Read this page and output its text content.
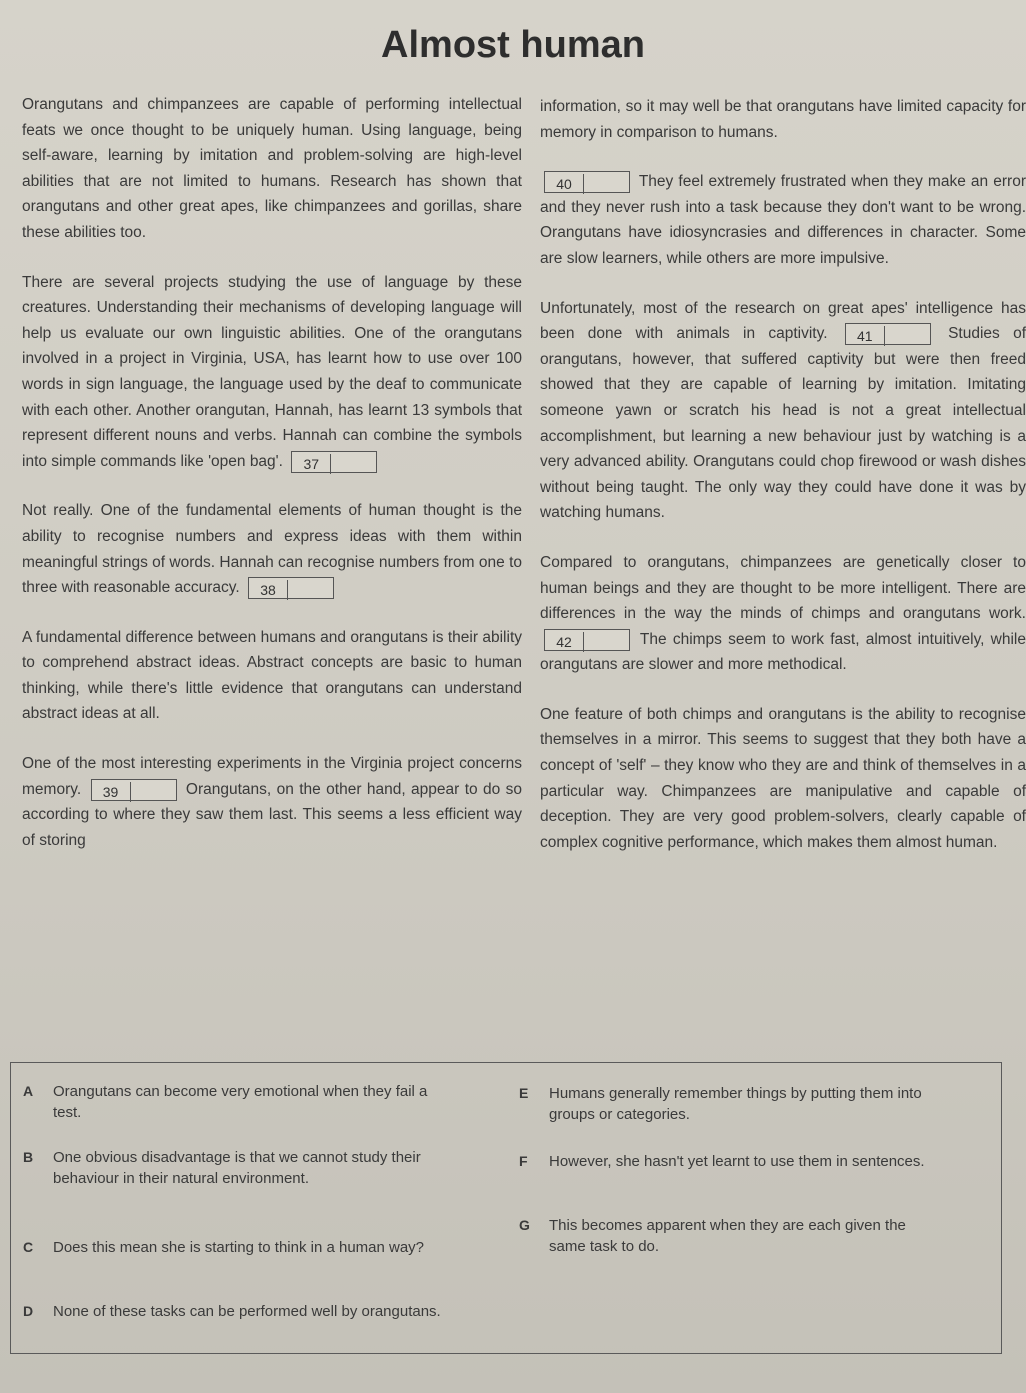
Almost human

Orangutans and chimpanzees are capable of performing intellectual feats we once thought to be uniquely human. Using language, being self-aware, learning by imitation and problem-solving are high-level abilities that are not limited to humans. Research has shown that orangutans and other great apes, like chimpanzees and gorillas, share these abilities too.

There are several projects studying the use of language by these creatures. Understanding their mechanisms of developing language will help us evaluate our own linguistic abilities. One of the orangutans involved in a project in Virginia, USA, has learnt how to use over 100 words in sign language, the language used by the deaf to communicate with each other. Another orangutan, Hannah, has learnt 13 symbols that represent different nouns and verbs. Hannah can combine the symbols into simple commands like 'open bag'. 37

Not really. One of the fundamental elements of human thought is the ability to recognise numbers and express ideas with them within meaningful strings of words. Hannah can recognise numbers from one to three with reasonable accuracy. 38

A fundamental difference between humans and orangutans is their ability to comprehend abstract ideas. Abstract concepts are basic to human thinking, while there's little evidence that orangutans can understand abstract ideas at all.

One of the most interesting experiments in the Virginia project concerns memory. 39	Orangutans, on the other hand, appear to do so according to where they saw them last. This seems a less efficient way of storing

information, so it may well be that orangutans have limited capacity for memory in comparison to humans.

40	They feel extremely frustrated when they make an error and they never rush into a task because they don't want to be wrong. Orangutans have idiosyncrasies and differences in character. Some are slow learners, while others are more impulsive.

Unfortunately, most of the research on great apes' intelligence has been done with animals in captivity. 41	Studies of orangutans, however, that suffered captivity but were then freed showed that they are capable of learning by imitation. Imitating someone yawn or scratch his head is not a great intellectual accomplishment, but learning a new behaviour just by watching is a very advanced ability. Orangutans could chop firewood or wash dishes without being taught. The only way they could have done it was by watching humans.

Compared to orangutans, chimpanzees are genetically closer to human beings and they are thought to be more intelligent. There are differences in the way the minds of chimps and orangutans work. 42	The chimps seem to work fast, almost intuitively, while orangutans are slower and more methodical.

One feature of both chimps and orangutans is the ability to recognise themselves in a mirror. This seems to suggest that they both have a concept of 'self' – they know who they are and think of themselves in a particular way. Chimpanzees are manipulative and capable of deception. They are very good problem-solvers, clearly capable of complex cognitive performance, which makes them almost human.

A Orangutans can become very emotional when they fail a test.
B One obvious disadvantage is that we cannot study their behaviour in their natural environment.
C Does this mean she is starting to think in a human way?
D None of these tasks can be performed well by orangutans.
E Humans generally remember things by putting them into groups or categories.
F However, she hasn't yet learnt to use them in sentences.
G This becomes apparent when they are each given the same task to do.
